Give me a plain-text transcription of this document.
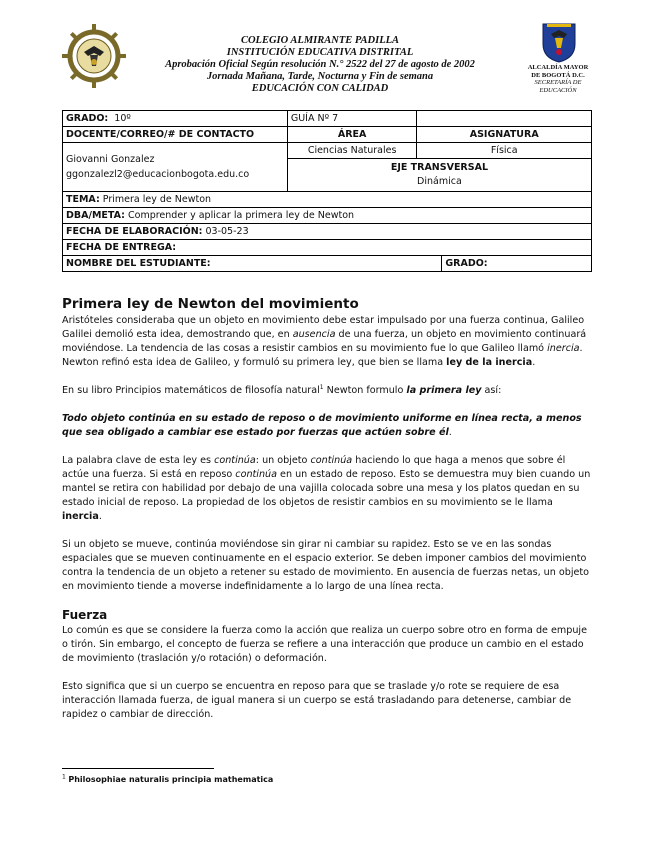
COLEGIO ALMIRANTE PADILLA
INSTITUCIÓN EDUCATIVA DISTRITAL
Aprobación Oficial Según resolución N.° 2522 del 27 de agosto de 2002
Jornada Mañana, Tarde, Nocturna y Fin de semana
EDUCACIÓN CON CALIDAD
ALCALDÍA MAYOR
DE BOGOTÁ D.C.
SECRETARÍA DE
EDUCACIÓN
GRADO: 10º	GUÍA Nº 7		
DOCENTE/CORREO/# DE CONTACTO	ÁREA	ASIGNATURA	

Giovanni Gonzalez
ggonzalezl2@educacionbogota.edu.co	Ciencias Naturales	Física	

	EJE TRANSVERSAL
Dinámica		

TEMA: Primera ley de Newton			
DBA/META: Comprender y aplicar la primera ley de Newton			
FECHA DE ELABORACIÓN: 03-05-23			
FECHA DE ENTREGA:			
NOMBRE DEL ESTUDIANTE:			GRADO:
Primera ley de Newton del movimiento

Aristóteles consideraba que un objeto en movimiento debe estar impulsado por una fuerza continua, Galileo Galilei demolió esta idea, demostrando que, en ausencia de una fuerza, un objeto en movimiento continuará moviéndose. La tendencia de las cosas a resistir cambios en su movimiento fue lo que Galileo llamó inercia. Newton refinó esta idea de Galileo, y formuló su primera ley, que bien se llama ley de la inercia.

En su libro Principios matemáticos de filosofía natural$^1$ Newton formulo la primera ley así:

Todo objeto continúa en su estado de reposo o de movimiento uniforme en línea recta, a menos que sea obligado a cambiar ese estado por fuerzas que actúen sobre él.

La palabra clave de esta ley es continúa: un objeto continúa haciendo lo que haga a menos que sobre él actúe una fuerza. Si está en reposo continúa en un estado de reposo. Esto se demuestra muy bien cuando un mantel se retira con habilidad por debajo de una vajilla colocada sobre una mesa y los platos quedan en su estado inicial de reposo. La propiedad de los objetos de resistir cambios en su movimiento se le llama inercia.

Si un objeto se mueve, continúa moviéndose sin girar ni cambiar su rapidez. Esto se ve en las sondas espaciales que se mueven continuamente en el espacio exterior. Se deben imponer cambios del movimiento contra la tendencia de un objeto a retener su estado de movimiento. En ausencia de fuerzas netas, un objeto en movimiento tiende a moverse indefinidamente a lo largo de una línea recta.

Fuerza

Lo común es que se considere la fuerza como la acción que realiza un cuerpo sobre otro en forma de empuje o tirón. Sin embargo, el concepto de fuerza se refiere a una interacción que produce un cambio en el estado de movimiento (traslación y/o rotación) o deformación.

Esto significa que si un cuerpo se encuentra en reposo para que se traslade y/o rote se requiere de esa interacción llamada fuerza, de igual manera si un cuerpo se está trasladando para detenerse, cambiar de rapidez o cambiar de dirección.

$^1$ Philosophiae naturalis principia mathematica
